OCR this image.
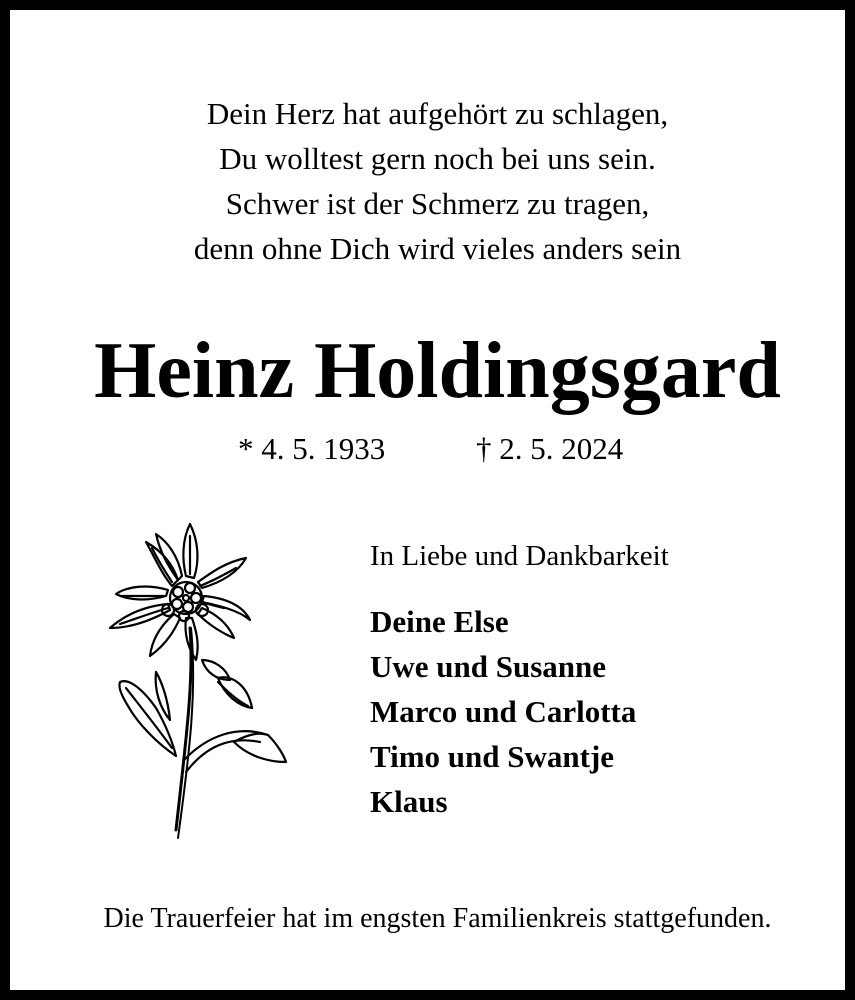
Dein Herz hat aufgehört zu schlagen,
Du wolltest gern noch bei uns sein.
Schwer ist der Schmerz zu tragen,
denn ohne Dich wird vieles anders sein
Heinz Holdingsgard
* 4. 5. 1933	† 2. 5. 2024
In Liebe und Dankbarkeit
Deine Else
Uwe und Susanne
Marco und Carlotta
Timo und Swantje
Klaus
Die Trauerfeier hat im engsten Familienkreis stattgefunden.
